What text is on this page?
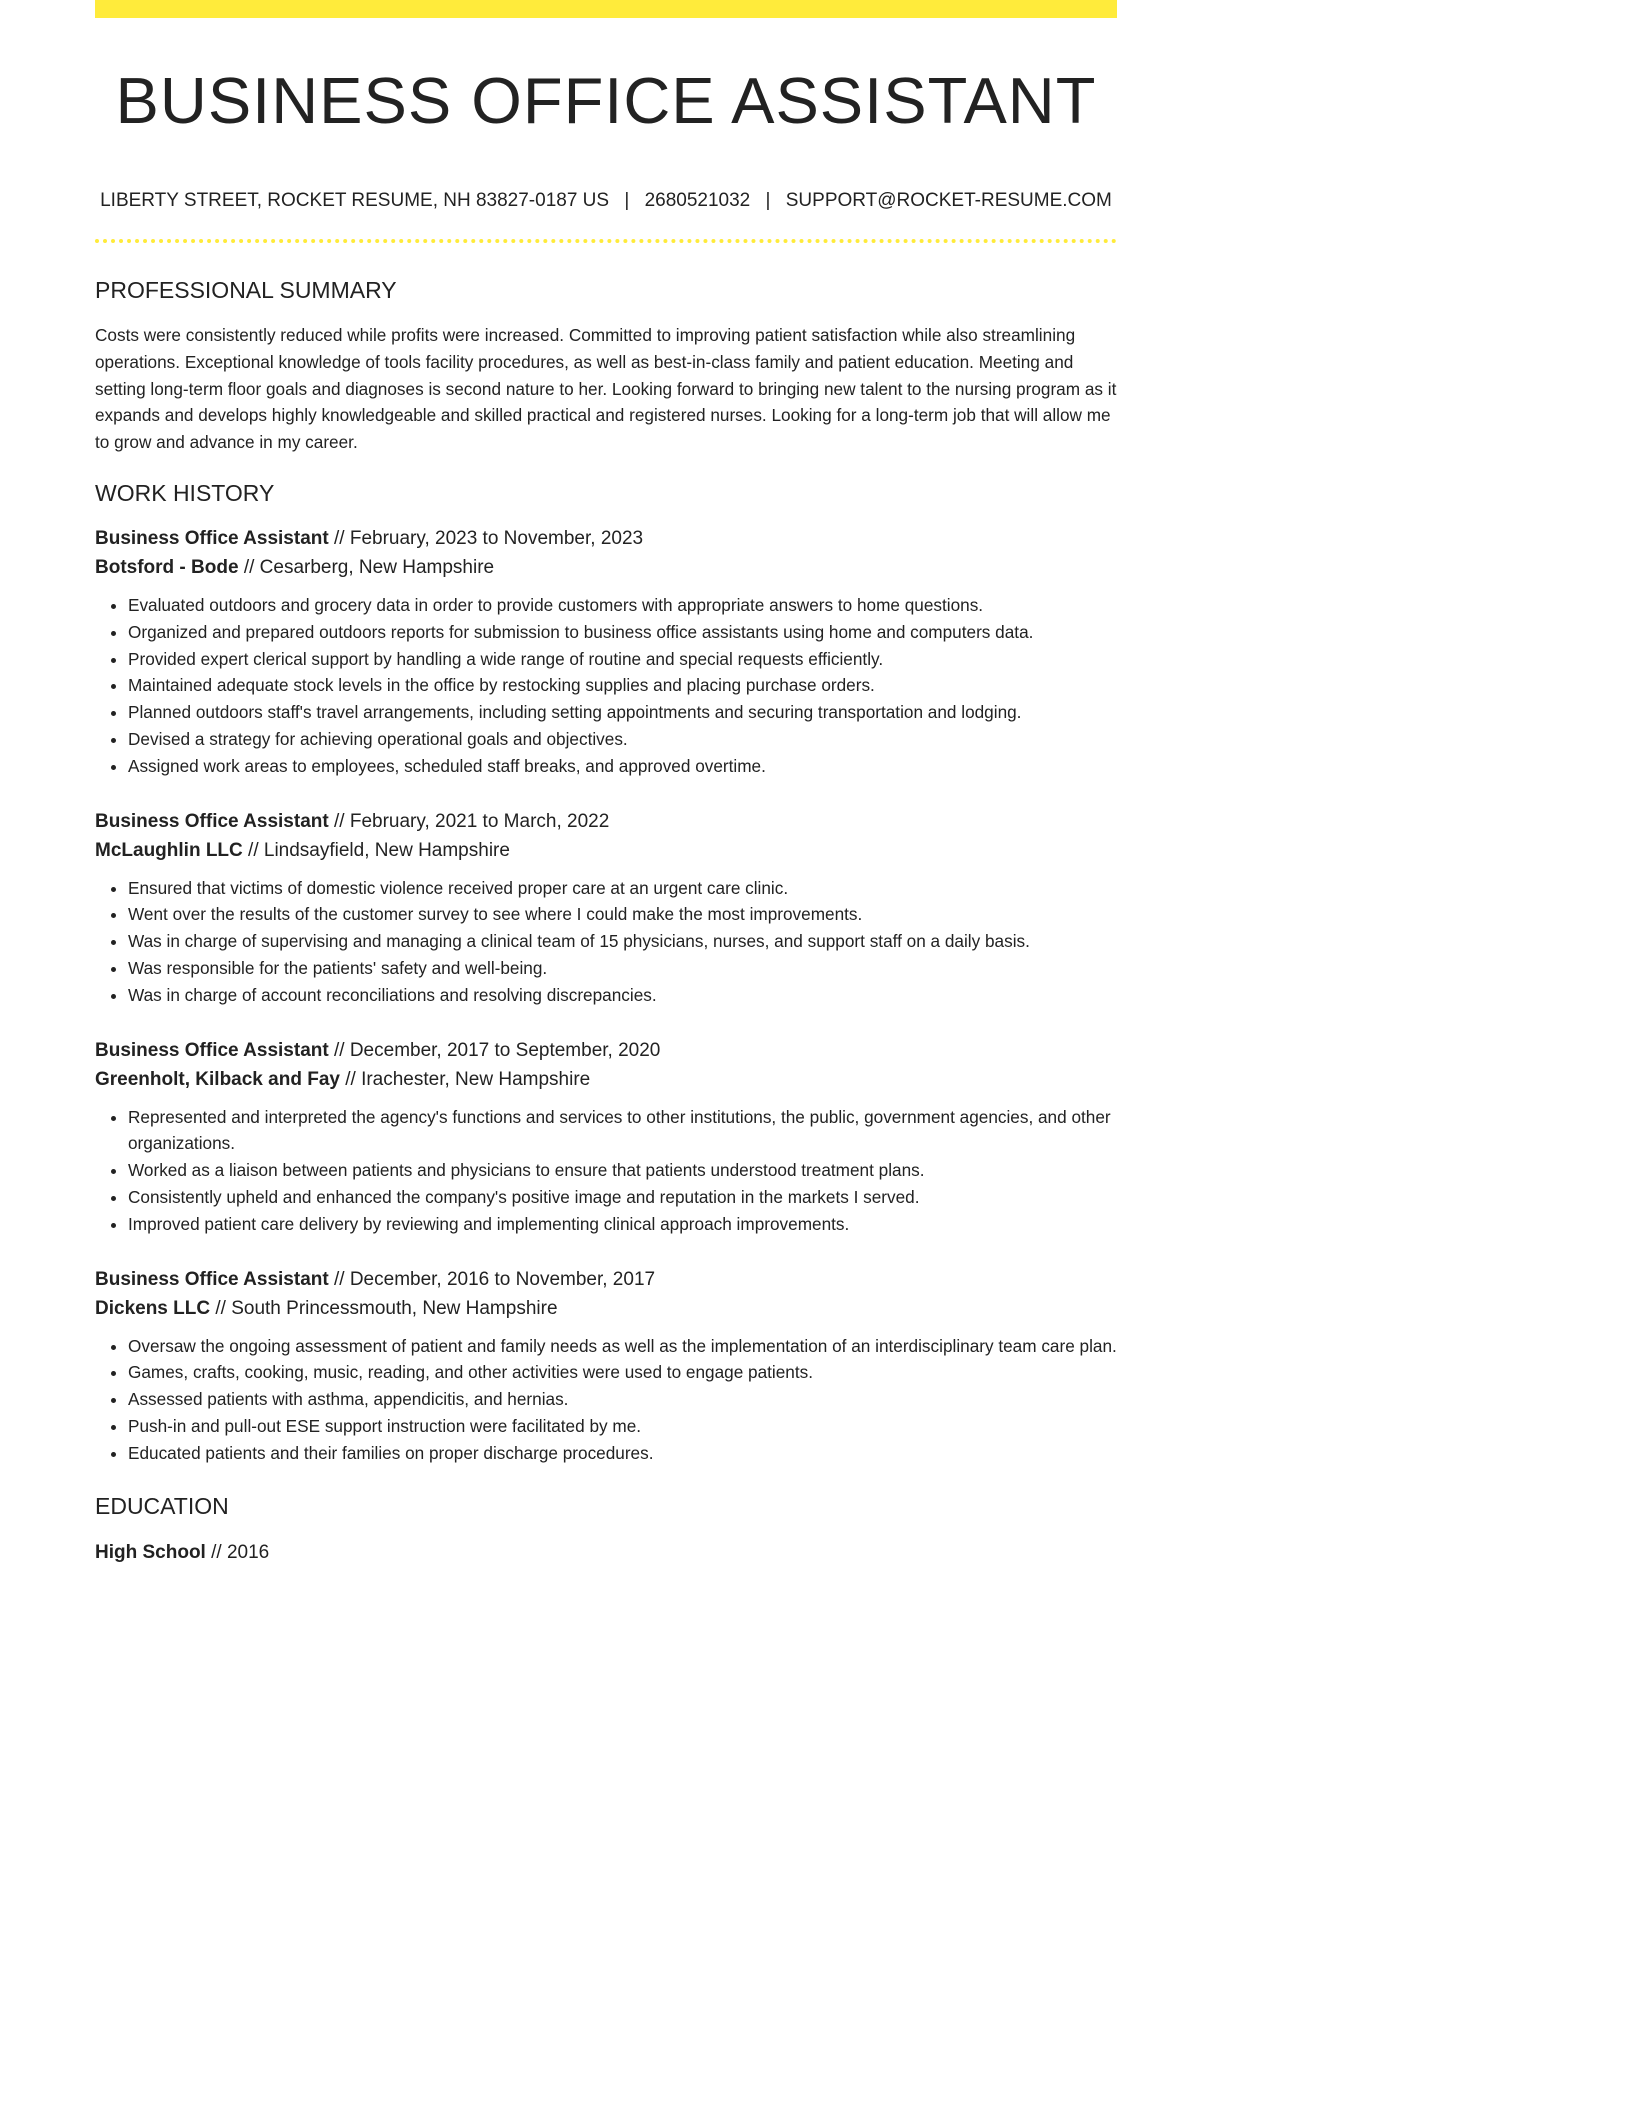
BUSINESS OFFICE ASSISTANT
LIBERTY STREET, ROCKET RESUME, NH 83827-0187 US | 2680521032 | SUPPORT@ROCKET-RESUME.COM
PROFESSIONAL SUMMARY

Costs were consistently reduced while profits were increased. Committed to improving patient satisfaction while also streamlining operations. Exceptional knowledge of tools facility procedures, as well as best-in-class family and patient education. Meeting and setting long-term floor goals and diagnoses is second nature to her. Looking forward to bringing new talent to the nursing program as it expands and develops highly knowledgeable and skilled practical and registered nurses. Looking for a long-term job that will allow me to grow and advance in my career.

WORK HISTORY
Business Office Assistant // February, 2023 to November, 2023
Botsford - Bode // Cesarberg, New Hampshire
• Evaluated outdoors and grocery data in order to provide customers with appropriate answers to home questions.
• Organized and prepared outdoors reports for submission to business office assistants using home and computers data.
• Provided expert clerical support by handling a wide range of routine and special requests efficiently.
• Maintained adequate stock levels in the office by restocking supplies and placing purchase orders.
• Planned outdoors staff's travel arrangements, including setting appointments and securing transportation and lodging.
• Devised a strategy for achieving operational goals and objectives.
• Assigned work areas to employees, scheduled staff breaks, and approved overtime.
Business Office Assistant // February, 2021 to March, 2022
McLaughlin LLC // Lindsayfield, New Hampshire
• Ensured that victims of domestic violence received proper care at an urgent care clinic.
• Went over the results of the customer survey to see where I could make the most improvements.
• Was in charge of supervising and managing a clinical team of 15 physicians, nurses, and support staff on a daily basis.
• Was responsible for the patients' safety and well-being.
• Was in charge of account reconciliations and resolving discrepancies.
Business Office Assistant // December, 2017 to September, 2020
Greenholt, Kilback and Fay // Irachester, New Hampshire
• Represented and interpreted the agency's functions and services to other institutions, the public, government agencies, and other organizations.
• Worked as a liaison between patients and physicians to ensure that patients understood treatment plans.
• Consistently upheld and enhanced the company's positive image and reputation in the markets I served.
• Improved patient care delivery by reviewing and implementing clinical approach improvements.
Business Office Assistant // December, 2016 to November, 2017
Dickens LLC // South Princessmouth, New Hampshire
• Oversaw the ongoing assessment of patient and family needs as well as the implementation of an interdisciplinary team care plan.
• Games, crafts, cooking, music, reading, and other activities were used to engage patients.
• Assessed patients with asthma, appendicitis, and hernias.
• Push-in and pull-out ESE support instruction were facilitated by me.
• Educated patients and their families on proper discharge procedures.
EDUCATION
High School // 2016
